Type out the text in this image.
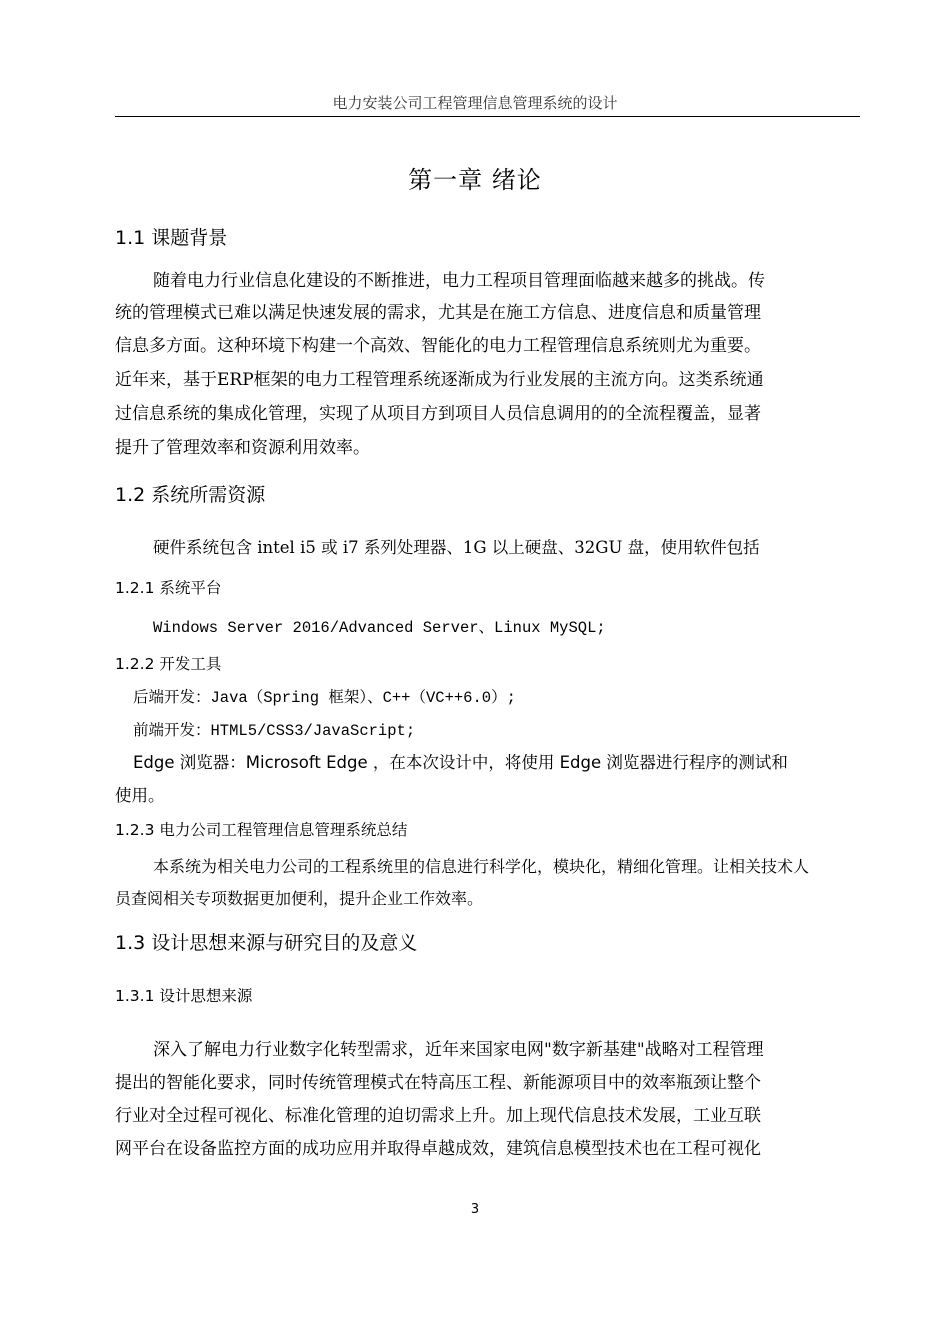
电力安装公司工程管理信息管理系统的设计
第一章 绪论
1.1 课题背景

随着电力行业信息化建设的不断推进，电力工程项目管理面临越来越多的挑战。传

统的管理模式已难以满足快速发展的需求，尤其是在施工方信息、进度信息和质量管理

信息多方面。这种环境下构建一个高效、智能化的电力工程管理信息系统则尤为重要。

近年来，基于ERP框架的电力工程管理系统逐渐成为行业发展的主流方向。这类系统通

过信息系统的集成化管理，实现了从项目方到项目人员信息调用的的全流程覆盖，显著

提升了管理效率和资源利用效率。

1.2 系统所需资源

硬件系统包含 intel i5 或 i7 系列处理器、1G 以上硬盘、32GU 盘，使用软件包括

1.2.1 系统平台

Windows Server 2016/Advanced Server、Linux MySQL;

1.2.2 开发工具

后端开发：Java（Spring 框架）、C++（VC++6.0）;

前端开发：HTML5/CSS3/JavaScript;

Edge 浏览器：Microsoft Edge ，在本次设计中，将使用 Edge 浏览器进行程序的测试和

使用。

1.2.3 电力公司工程管理信息管理系统总结

本系统为相关电力公司的工程系统里的信息进行科学化，模块化，精细化管理。让相关技术人

员查阅相关专项数据更加便利，提升企业工作效率。

1.3 设计思想来源与研究目的及意义
1.3.1 设计思想来源

深入了解电力行业数字化转型需求，近年来国家电网"数字新基建"战略对工程管理

提出的智能化要求，同时传统管理模式在特高压工程、新能源项目中的效率瓶颈让整个

行业对全过程可视化、标准化管理的迫切需求上升。加上现代信息技术发展，工业互联

网平台在设备监控方面的成功应用并取得卓越成效，建筑信息模型技术也在工程可视化

3
